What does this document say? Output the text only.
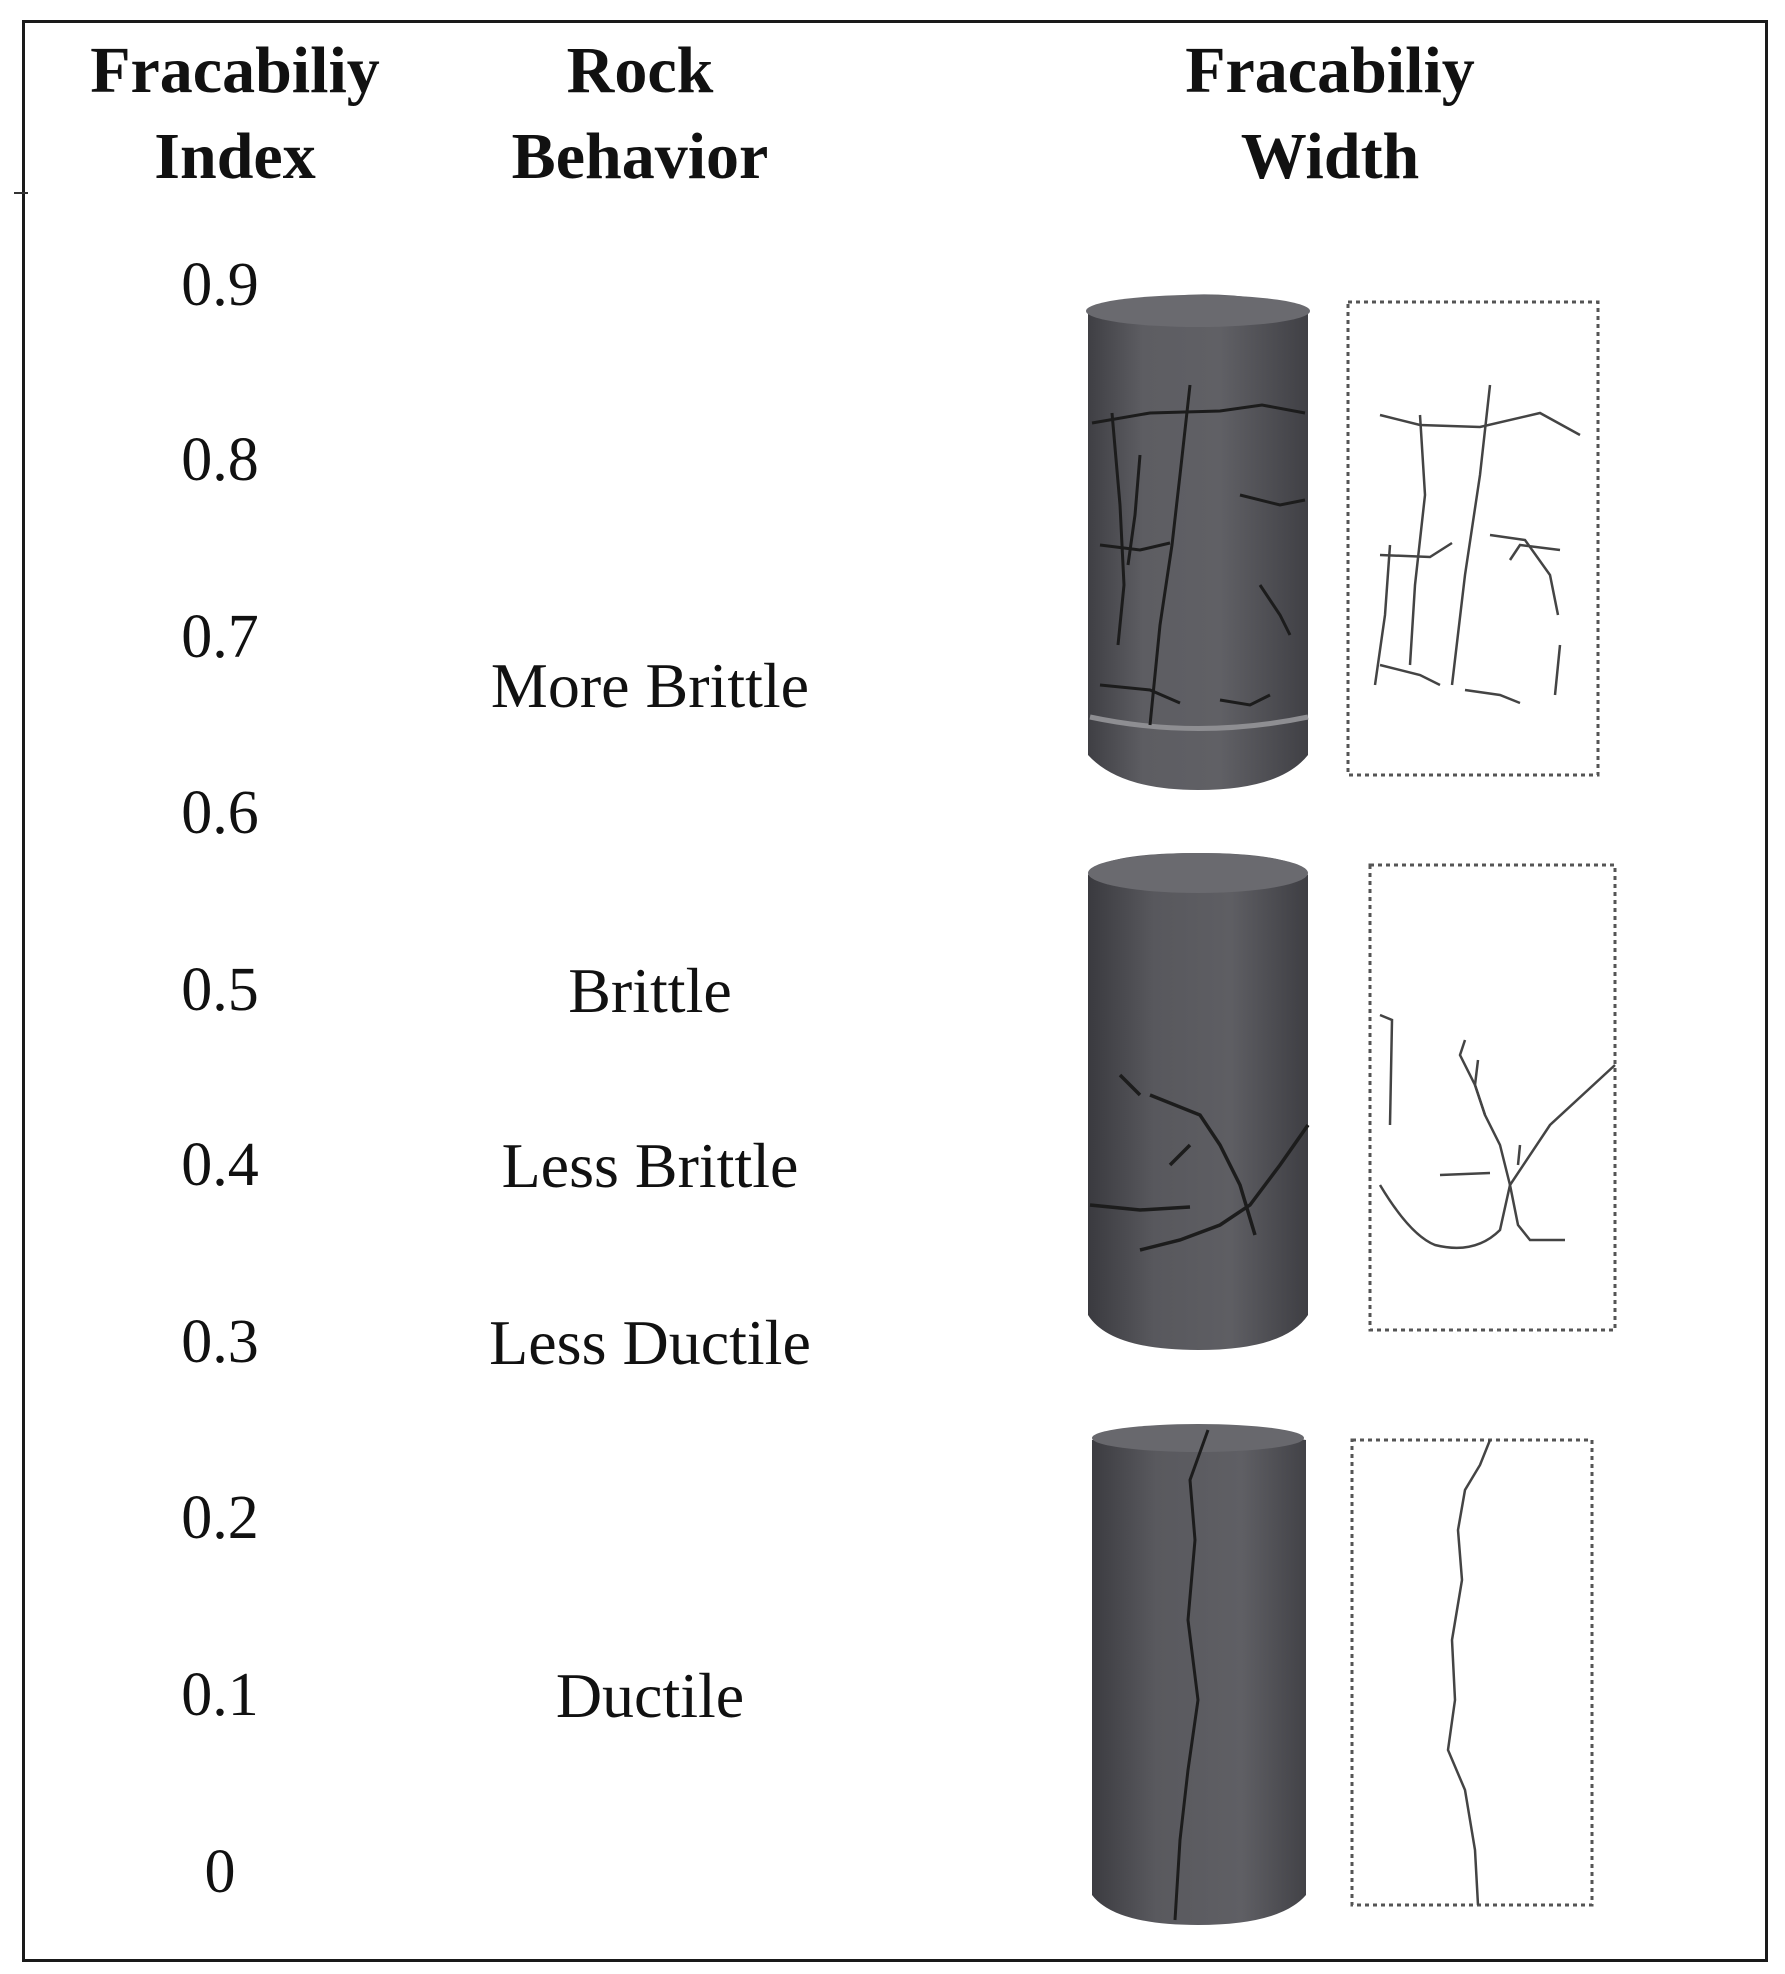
Fracabiliy
Index
Rock
Behavior
Fracabiliy
Width
0.9
0.8
0.7
0.6
0.5
0.4
0.3
0.2
0.1
0
More Brittle
Brittle
Less Brittle
Less Ductile
Ductile
